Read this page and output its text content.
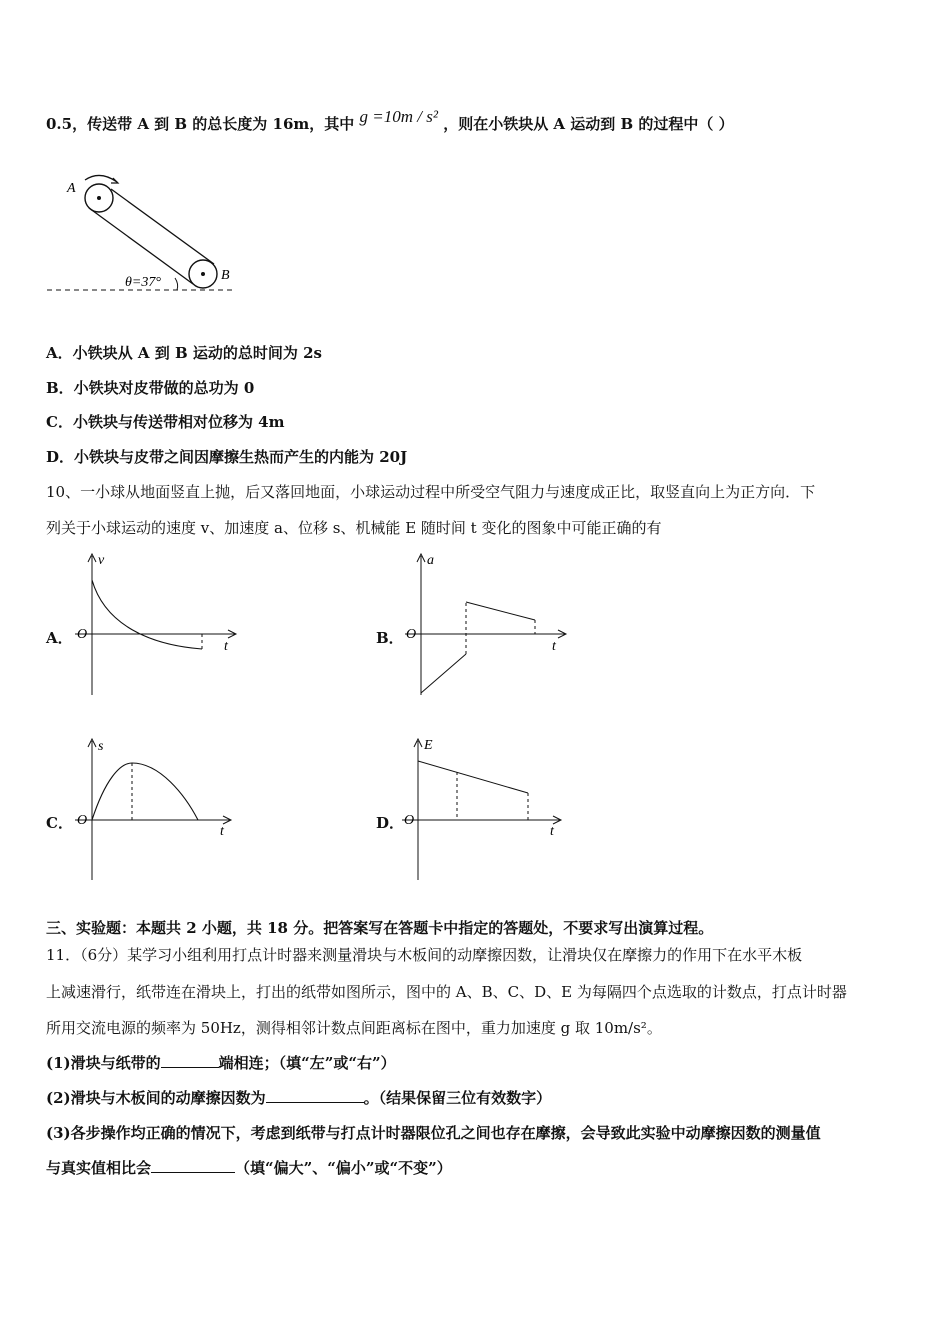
0.5，传送带 A 到 B 的总长度为 16m，其中 g =10m / s² ，则在小铁块从 A 运动到 B 的过程中（ ）
A
B
θ=37°
A．小铁块从 A 到 B 运动的总时间为 2s
B．小铁块对皮带做的总功为 0
C．小铁块与传送带相对位移为 4m
D．小铁块与皮带之间因摩擦生热而产生的内能为 20J
10、一小球从地面竖直上抛，后又落回地面，小球运动过程中所受空气阻力与速度成正比，取竖直向上为正方向．下
列关于小球运动的速度 v、加速度 a、位移 s、机械能 E 随时间 t 变化的图象中可能正确的有
A．
v
O
t	B．
a
O
t
C．
s
O
t	D．
E
O
t
三、实验题：本题共 2 小题，共 18 分。把答案写在答题卡中指定的答题处，不要求写出演算过程。
11．（6分）某学习小组利用打点计时器来测量滑块与木板间的动摩擦因数，让滑块仅在摩擦力的作用下在水平木板
上减速滑行，纸带连在滑块上，打出的纸带如图所示，图中的 A、B、C、D、E 为每隔四个点选取的计数点，打点计时器
所用交流电源的频率为 50Hz，测得相邻计数点间距离标在图中，重力加速度 g 取 10m/s²。
(1)滑块与纸带的	端相连；（填“左”或“右”）
(2)滑块与木板间的动摩擦因数为	。（结果保留三位有效数字）
(3)各步操作均正确的情况下，考虑到纸带与打点计时器限位孔之间也存在摩擦，会导致此实验中动摩擦因数的测量值
与真实值相比会	（填“偏大”、“偏小”或“不变”）
